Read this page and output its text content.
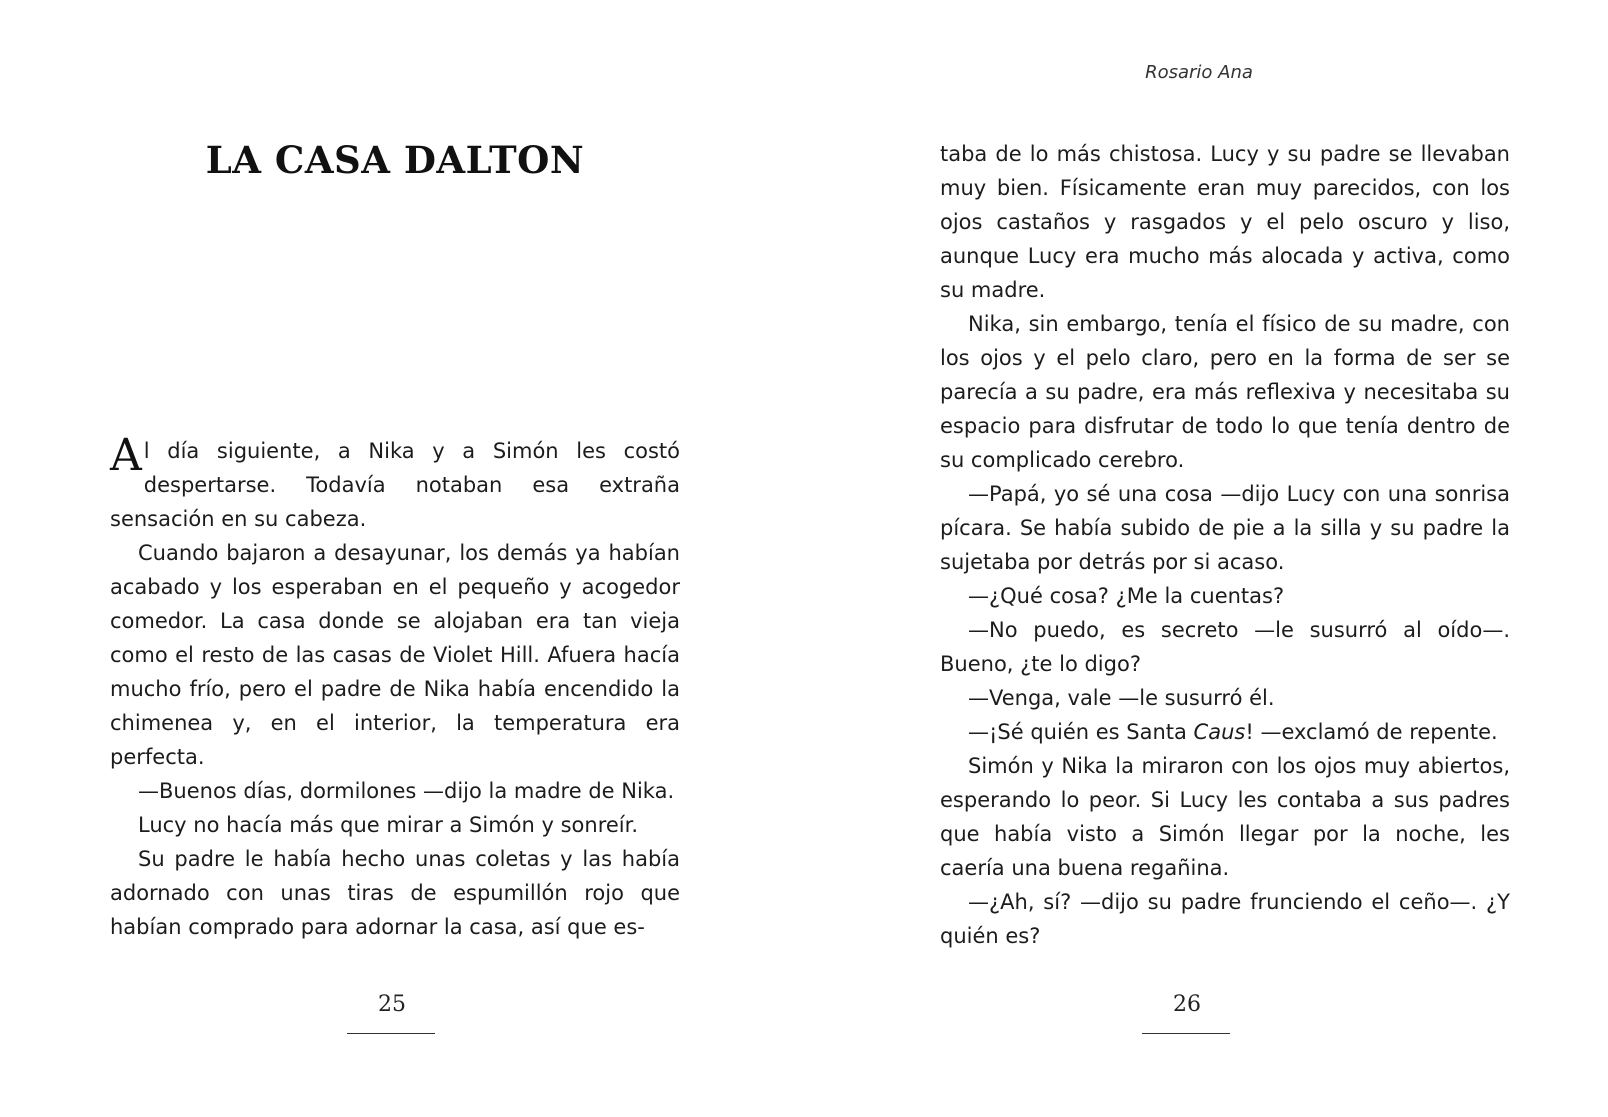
LA CASA DALTON

Al día siguiente, a Nika y a Simón les costó despertarse. Todavía notaban esa extraña sensación en su cabeza.

Cuando bajaron a desayunar, los demás ya habían acabado y los esperaban en el pequeño y acogedor comedor. La casa donde se alojaban era tan vieja como el resto de las casas de Violet Hill. Afuera hacía mucho frío, pero el padre de Nika había encendido la chimenea y, en el interior, la temperatura era perfecta.

—Buenos días, dormilones —dijo la madre de Nika.

Lucy no hacía más que mirar a Simón y sonreír.

Su padre le había hecho unas coletas y las había adornado con unas tiras de espumillón rojo que habían comprado para adornar la casa, así que es-

25
Rosario Ana

taba de lo más chistosa. Lucy y su padre se llevaban muy bien. Físicamente eran muy parecidos, con los ojos castaños y rasgados y el pelo oscuro y liso, aunque Lucy era mucho más alocada y activa, como su madre.

Nika, sin embargo, tenía el físico de su madre, con los ojos y el pelo claro, pero en la forma de ser se parecía a su padre, era más reflexiva y necesitaba su espacio para disfrutar de todo lo que tenía dentro de su complicado cerebro.

—Papá, yo sé una cosa —dijo Lucy con una sonrisa pícara. Se había subido de pie a la silla y su padre la sujetaba por detrás por si acaso.

—¿Qué cosa? ¿Me la cuentas?

—No puedo, es secreto —le susurró al oído—. Bueno, ¿te lo digo?

—Venga, vale —le susurró él.

—¡Sé quién es Santa Caus! —exclamó de repente.

Simón y Nika la miraron con los ojos muy abiertos, esperando lo peor. Si Lucy les contaba a sus padres que había visto a Simón llegar por la noche, les caería una buena regañina.

—¿Ah, sí? —dijo su padre frunciendo el ceño—. ¿Y quién es?

26
